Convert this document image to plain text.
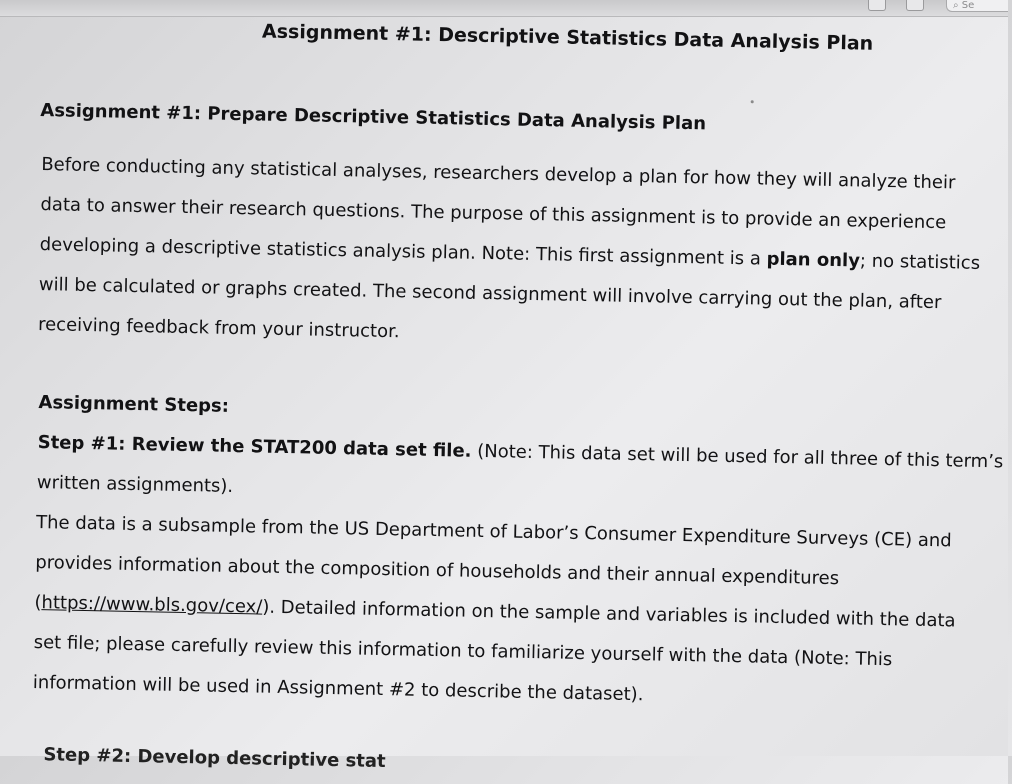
⌕ Se
Assignment #1: Descriptive Statistics Data Analysis Plan
Assignment #1: Prepare Descriptive Statistics Data Analysis Plan
Before conducting any statistical analyses, researchers develop a plan for how they will analyze their
data to answer their research questions. The purpose of this assignment is to provide an experience
developing a descriptive statistics analysis plan. Note: This first assignment is a plan only; no statistics
will be calculated or graphs created. The second assignment will involve carrying out the plan, after
receiving feedback from your instructor.
Assignment Steps:
Step #1: Review the STAT200 data set file. (Note: This data set will be used for all three of this term’s
written assignments).
The data is a subsample from the US Department of Labor’s Consumer Expenditure Surveys (CE) and
provides information about the composition of households and their annual expenditures
(https://www.bls.gov/cex/). Detailed information on the sample and variables is included with the data
set file; please carefully review this information to familiarize yourself with the data (Note: This
information will be used in Assignment #2 to describe the dataset).
Step #2: Develop descriptive stat
